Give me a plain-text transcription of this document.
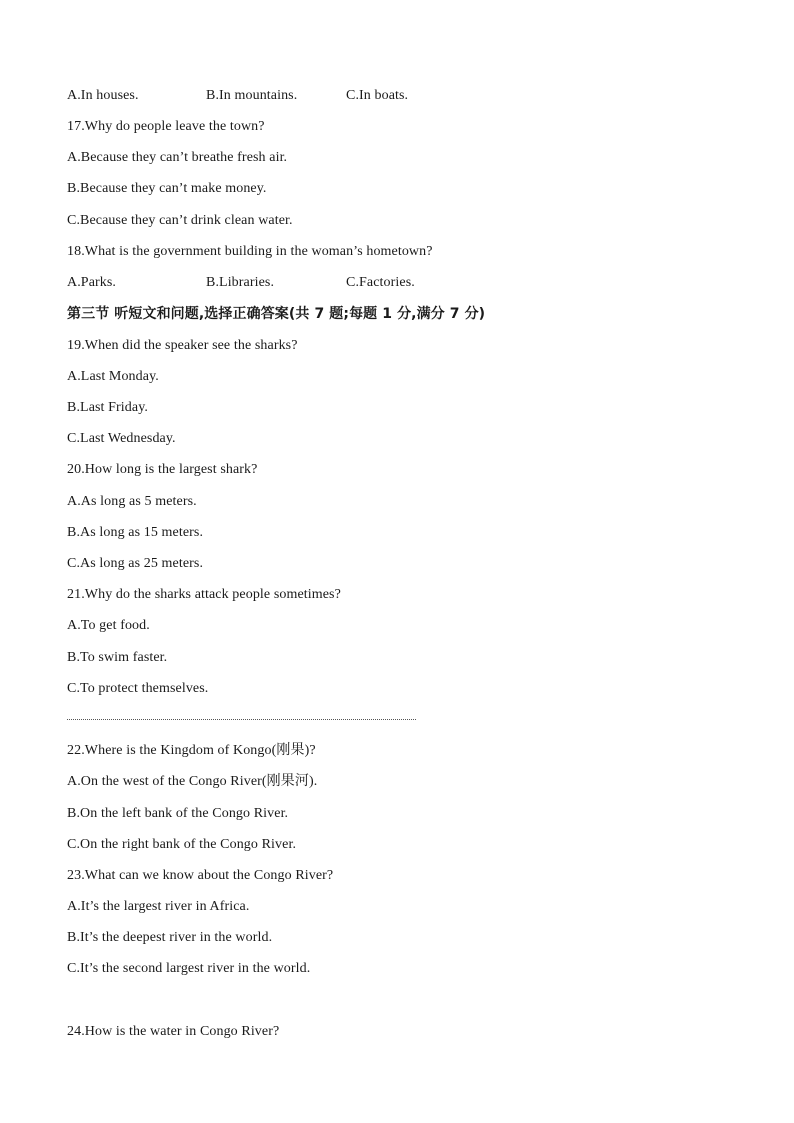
A.In houses.	B.In mountains.	C.In boats.
17.Why do people leave the town?
A.Because they can’t breathe fresh air.
B.Because they can’t make money.
C.Because they can’t drink clean water.
18.What is the government building in the woman’s hometown?
A.Parks.	B.Libraries.	C.Factories.
第三节 听短文和问题,选择正确答案(共 7 题;每题 1 分,满分 7 分)
19.When did the speaker see the sharks?
A.Last Monday.
B.Last Friday.
C.Last Wednesday.
20.How long is the largest shark?
A.As long as 5 meters.
B.As long as 15 meters.
C.As long as 25 meters.
21.Why do the sharks attack people sometimes?
A.To get food.
B.To swim faster.
C.To protect themselves.
22.Where is the Kingdom of Kongo(刚果)?
A.On the west of the Congo River(刚果河).
B.On the left bank of the Congo River.
C.On the right bank of the Congo River.
23.What can we know about the Congo River?
A.It’s the largest river in Africa.
B.It’s the deepest river in the world.
C.It’s the second largest river in the world.
24.How is the water in Congo River?
